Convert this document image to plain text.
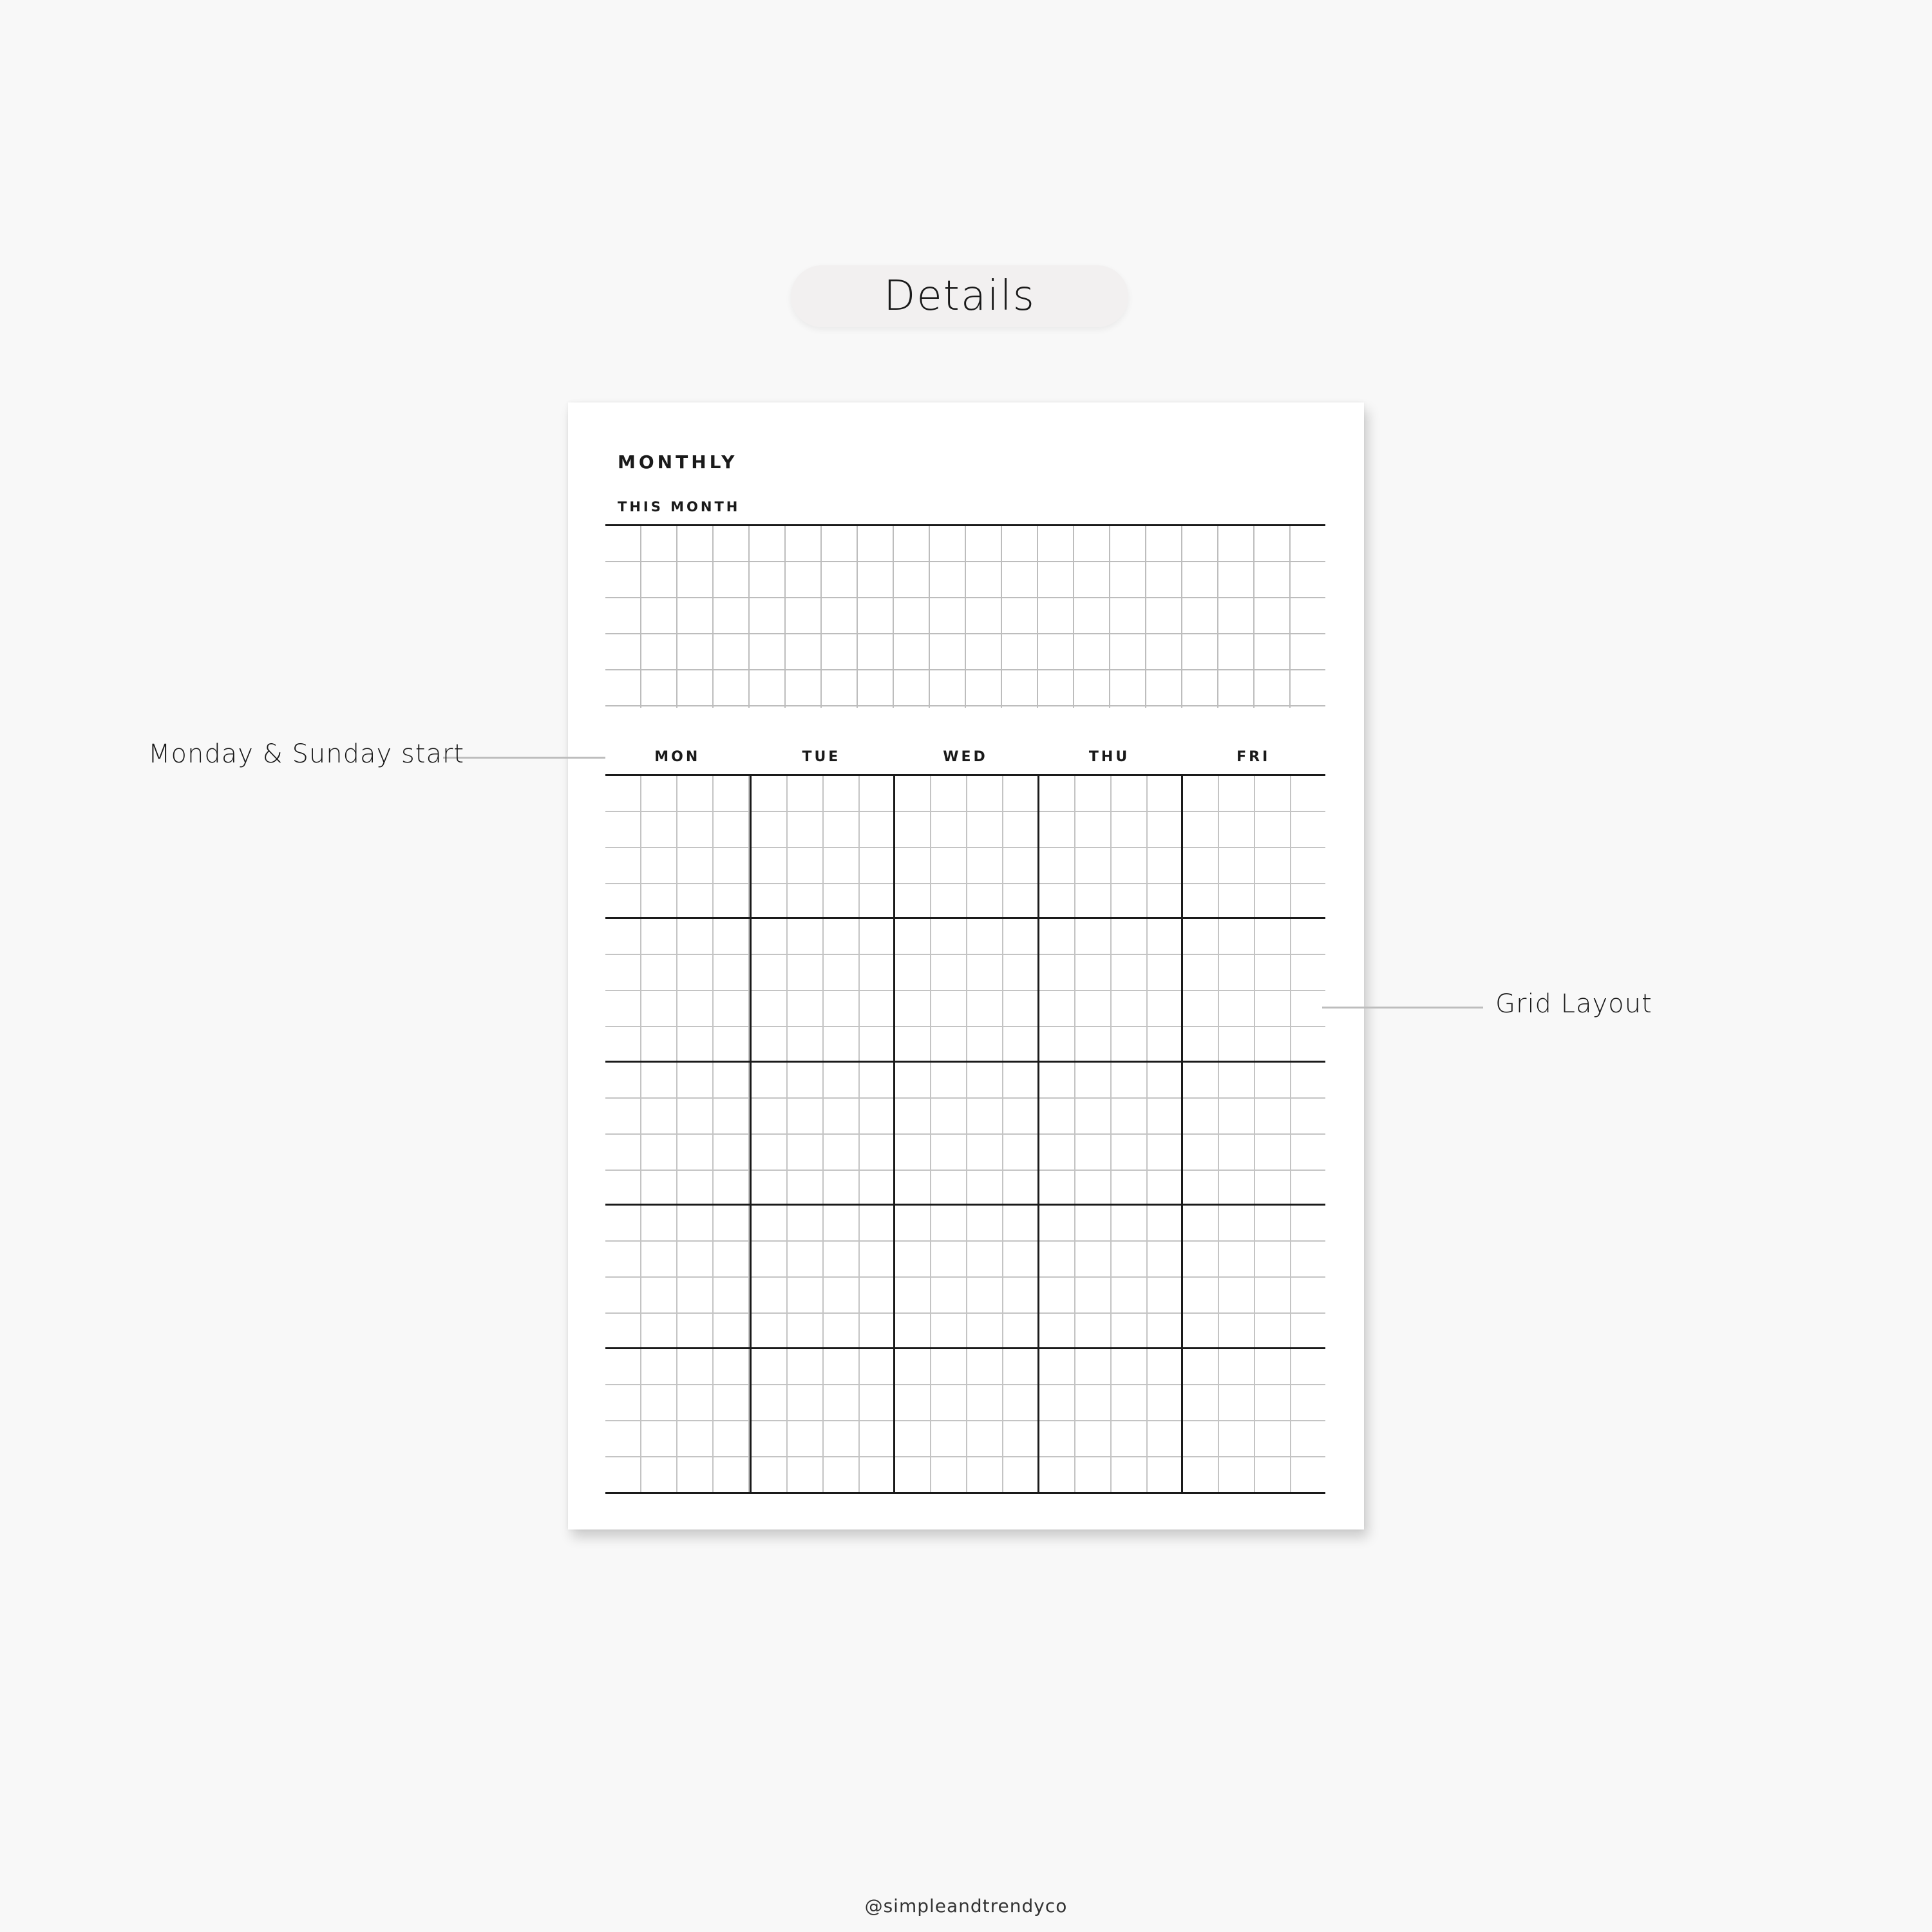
Details
MONTHLY
THIS MONTH
MON	TUE	WED	THU	FRI
Monday & Sunday start
Grid Layout
@simpleandtrendyco
